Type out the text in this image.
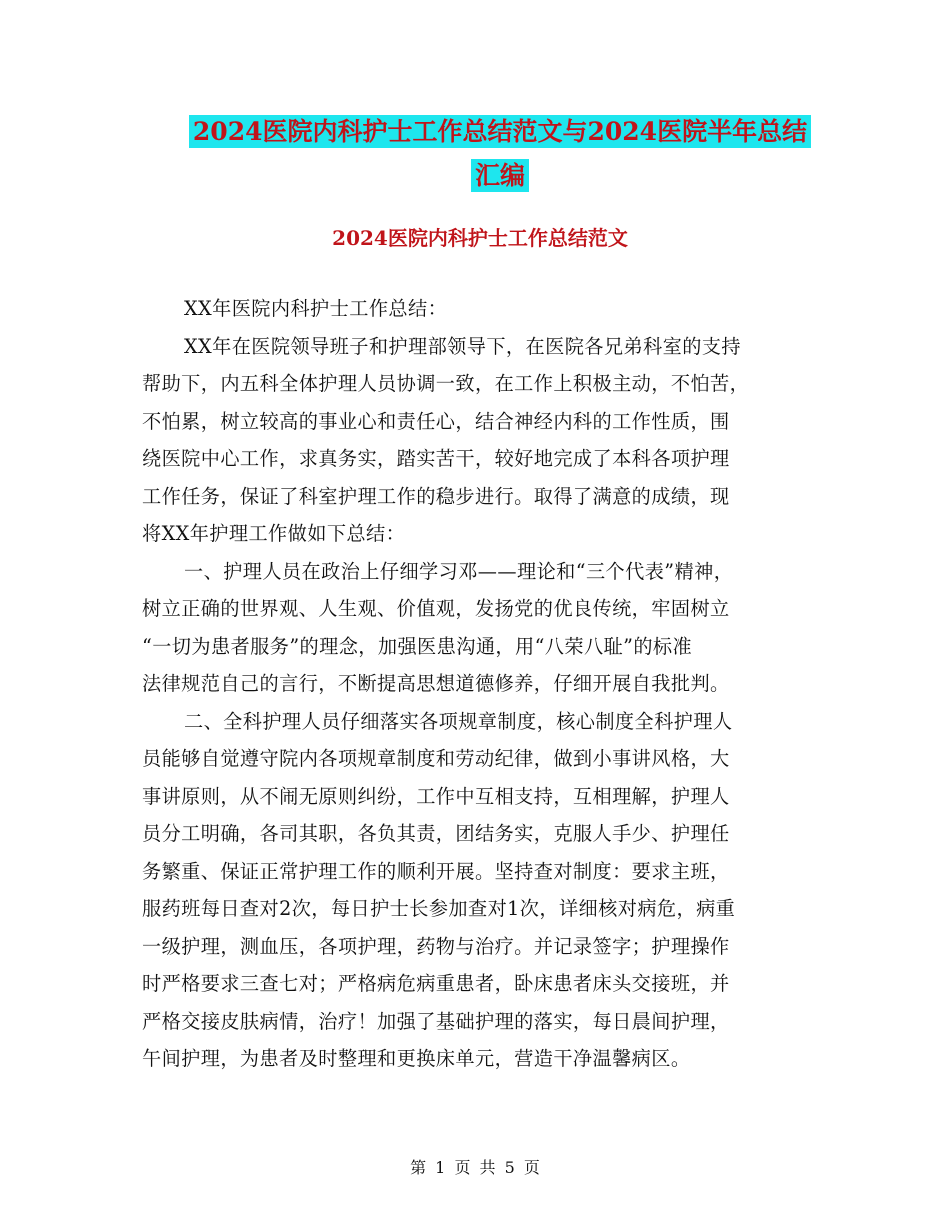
2024医院内科护士工作总结范文与2024医院半年总结
汇编
2024医院内科护士工作总结范文
XX年医院内科护士工作总结：
XX年在医院领导班子和护理部领导下，在医院各兄弟科室的支持
帮助下，内五科全体护理人员协调一致，在工作上积极主动，不怕苦，
不怕累，树立较高的事业心和责任心，结合神经内科的工作性质，围
绕医院中心工作，求真务实，踏实苦干，较好地完成了本科各项护理
工作任务，保证了科室护理工作的稳步进行。取得了满意的成绩，现
将XX年护理工作做如下总结：
一、护理人员在政治上仔细学习邓——理论和“三个代表”精神，
树立正确的世界观、人生观、价值观，发扬党的优良传统，牢固树立
“一切为患者服务”的理念，加强医患沟通，用“八荣八耻”的标准
法律规范自己的言行，不断提高思想道德修养，仔细开展自我批判。
二、全科护理人员仔细落实各项规章制度，核心制度全科护理人
员能够自觉遵守院内各项规章制度和劳动纪律，做到小事讲风格，大
事讲原则，从不闹无原则纠纷，工作中互相支持，互相理解，护理人
员分工明确，各司其职，各负其责，团结务实，克服人手少、护理任
务繁重、保证正常护理工作的顺利开展。坚持查对制度：要求主班，
服药班每日查对2次，每日护士长参加查对1次，详细核对病危，病重
一级护理，测血压，各项护理，药物与治疗。并记录签字；护理操作
时严格要求三查七对；严格病危病重患者，卧床患者床头交接班，并
严格交接皮肤病情，治疗！加强了基础护理的落实，每日晨间护理，
午间护理，为患者及时整理和更换床单元，营造干净温馨病区。
第 1 页 共 5 页
